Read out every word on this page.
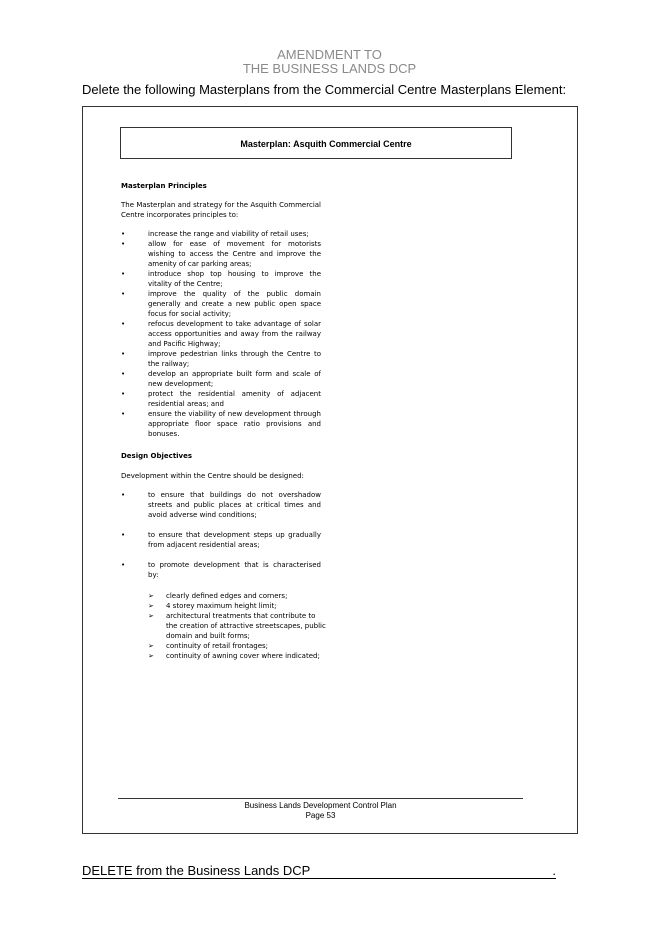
AMENDMENT TO
THE BUSINESS LANDS DCP
Delete the following Masterplans from the Commercial Centre Masterplans Element:
Masterplan: Asquith Commercial Centre
Masterplan Principles
The Masterplan and strategy for the Asquith Commercial Centre incorporates principles to:
•	increase the range and viability of retail uses;
•	allow for ease of movement for motorists wishing to access the Centre and improve the amenity of car parking areas;
•	introduce shop top housing to improve the vitality of the Centre;
•	improve the quality of the public domain generally and create a new public open space focus for social activity;
•	refocus development to take advantage of solar access opportunities and away from the railway and Pacific Highway;
•	improve pedestrian links through the Centre to the railway;
•	develop an appropriate built form and scale of new development;
•	protect the residential amenity of adjacent residential areas; and
•	ensure the viability of new development through appropriate floor space ratio provisions and bonuses.
Design Objectives
Development within the Centre should be designed:
•	to ensure that buildings do not overshadow streets and public places at critical times and avoid adverse wind conditions;
•	to ensure that development steps up gradually from adjacent residential areas;
•	to promote development that is characterised by:
➢ clearly defined edges and corners;
➢ 4 storey maximum height limit;
➢ architectural treatments that contribute to the creation of attractive streetscapes, public domain and built forms;
➢ continuity of retail frontages;
➢ continuity of awning cover where indicated;
Business Lands Development Control Plan
Page 53
DELETE from the Business Lands DCP	.
